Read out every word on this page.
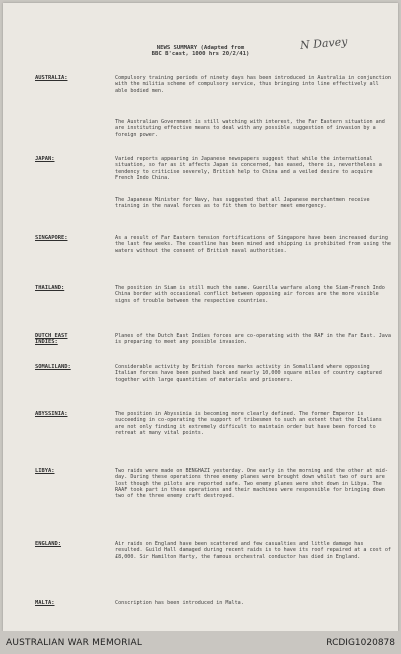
NEWS SUMMARY (Adapted from
BBC B'cast, 1000 hrs 20/2/41)
N Davey
AUSTRALIA:	Compulsory training periods of ninety days has been introduced in Australia in conjunction with the militia scheme of compulsory service, thus bringing into line effectively all able bodied men.
The Australian Government is still watching with interest, the Far Eastern situation and are instituting effective means to deal with any possible suggestion of invasion by a foreign power.
JAPAN:	Varied reports appearing in Japanese newspapers suggest that while the international situation, so far as it affects Japan is concerned, has eased, there is, nevertheless a tendency to criticise severely, British help to China and a veiled desire to acquire French Indo China.
The Japanese Minister for Navy, has suggested that all Japanese merchantmen receive training in the naval forces as to fit them to better meet emergency.
SINGAPORE:	As a result of Far Eastern tension fortifications of Singapore have been increased during the last few weeks. The coastline has been mined and shipping is prohibited from using the waters without the consent of British naval authorities.
THAILAND:	The position in Siam is still much the same. Guerilla warfare along the Siam-French Indo China border with occasional conflict between opposing air forces are the more visible signs of trouble between the respective countries.
DUTCH EAST
INDIES:
Planes of the Dutch East Indies forces are co-operating with the RAF in the Far East. Java is preparing to meet any possible invasion.
SOMALILAND:	Considerable activity by British forces marks activity in Somaliland where opposing Italian forces have been pushed back and nearly 10,000 square miles of country captured together with large quantities of materials and prisoners.
ABYSSINIA:	The position in Abyssinia is becoming more clearly defined. The former Emperor is succeeding in co-operating the support of tribesmen to such an extent that the Italians are not only finding it extremely difficult to maintain order but have been forced to retreat at many vital points.
LIBYA:	Two raids were made on BENGHAZI yesterday. One early in the morning and the other at mid-day. During these operations three enemy planes were brought down whilst two of ours are lost though the pilots are reported safe. Two enemy planes were shot down in Libya. The RAAF took part in these operations and their machines were responsible for bringing down two of the three enemy craft destroyed.
ENGLAND:	Air raids on England have been scattered and few casualties and little damage has resulted. Guild Hall damaged during recent raids is to have its roof repaired at a cost of £8,000. Sir Hamilton Harty, the famous orchestral conductor has died in England.
MALTA:	Conscription has been introduced in Malta.
AUSTRALIAN WAR MEMORIAL	RCDIG1020878
